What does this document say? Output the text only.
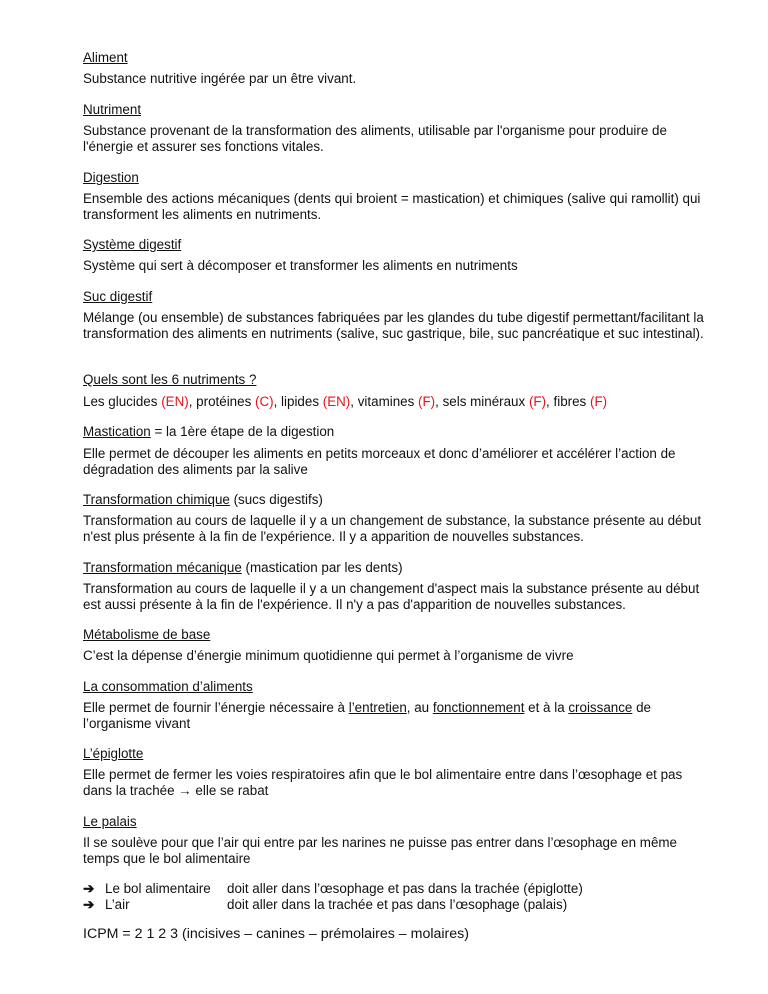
Aliment
Substance nutritive ingérée par un être vivant.
Nutriment
Substance provenant de la transformation des aliments, utilisable par l'organisme pour produire de l'énergie et assurer ses fonctions vitales.
Digestion
Ensemble des actions mécaniques (dents qui broient = mastication) et chimiques (salive qui ramollit) qui transforment les aliments en nutriments.
Système digestif
Système qui sert à décomposer et transformer les aliments en nutriments
Suc digestif
Mélange (ou ensemble) de substances fabriquées par les glandes du tube digestif permettant/facilitant la transformation des aliments en nutriments (salive, suc gastrique, bile, suc pancréatique et suc intestinal).
Quels sont les 6 nutriments ?
Les glucides (EN), protéines (C), lipides (EN), vitamines (F), sels minéraux (F), fibres (F)
Mastication = la 1ère étape de la digestion
Elle permet de découper les aliments en petits morceaux et donc d’améliorer et accélérer l’action de dégradation des aliments par la salive
Transformation chimique (sucs digestifs)
Transformation au cours de laquelle il y a un changement de substance, la substance présente au début n'est plus présente à la fin de l'expérience. Il y a apparition de nouvelles substances.
Transformation mécanique (mastication par les dents)
Transformation au cours de laquelle il y a un changement d'aspect mais la substance présente au début est aussi présente à la fin de l'expérience. Il n'y a pas d'apparition de nouvelles substances.
Métabolisme de base
C’est la dépense d’énergie minimum quotidienne qui permet à l’organisme de vivre
La consommation d’aliments
Elle permet de fournir l’énergie nécessaire à l’entretien, au fonctionnement et à la croissance de l’organisme vivant
L’épiglotte
Elle permet de fermer les voies respiratoires afin que le bol alimentaire entre dans l’œsophage et pas dans la trachée → elle se rabat
Le palais
Il se soulève pour que l’air qui entre par les narines ne puisse pas entrer dans l’œsophage en même temps que le bol alimentaire
➔ Le bol alimentaire doit aller dans l’œsophage et pas dans la trachée (épiglotte)
➔ L’air	doit aller dans la trachée et pas dans l’œsophage (palais)
ICPM = 2 1 2 3 (incisives – canines – prémolaires – molaires)
